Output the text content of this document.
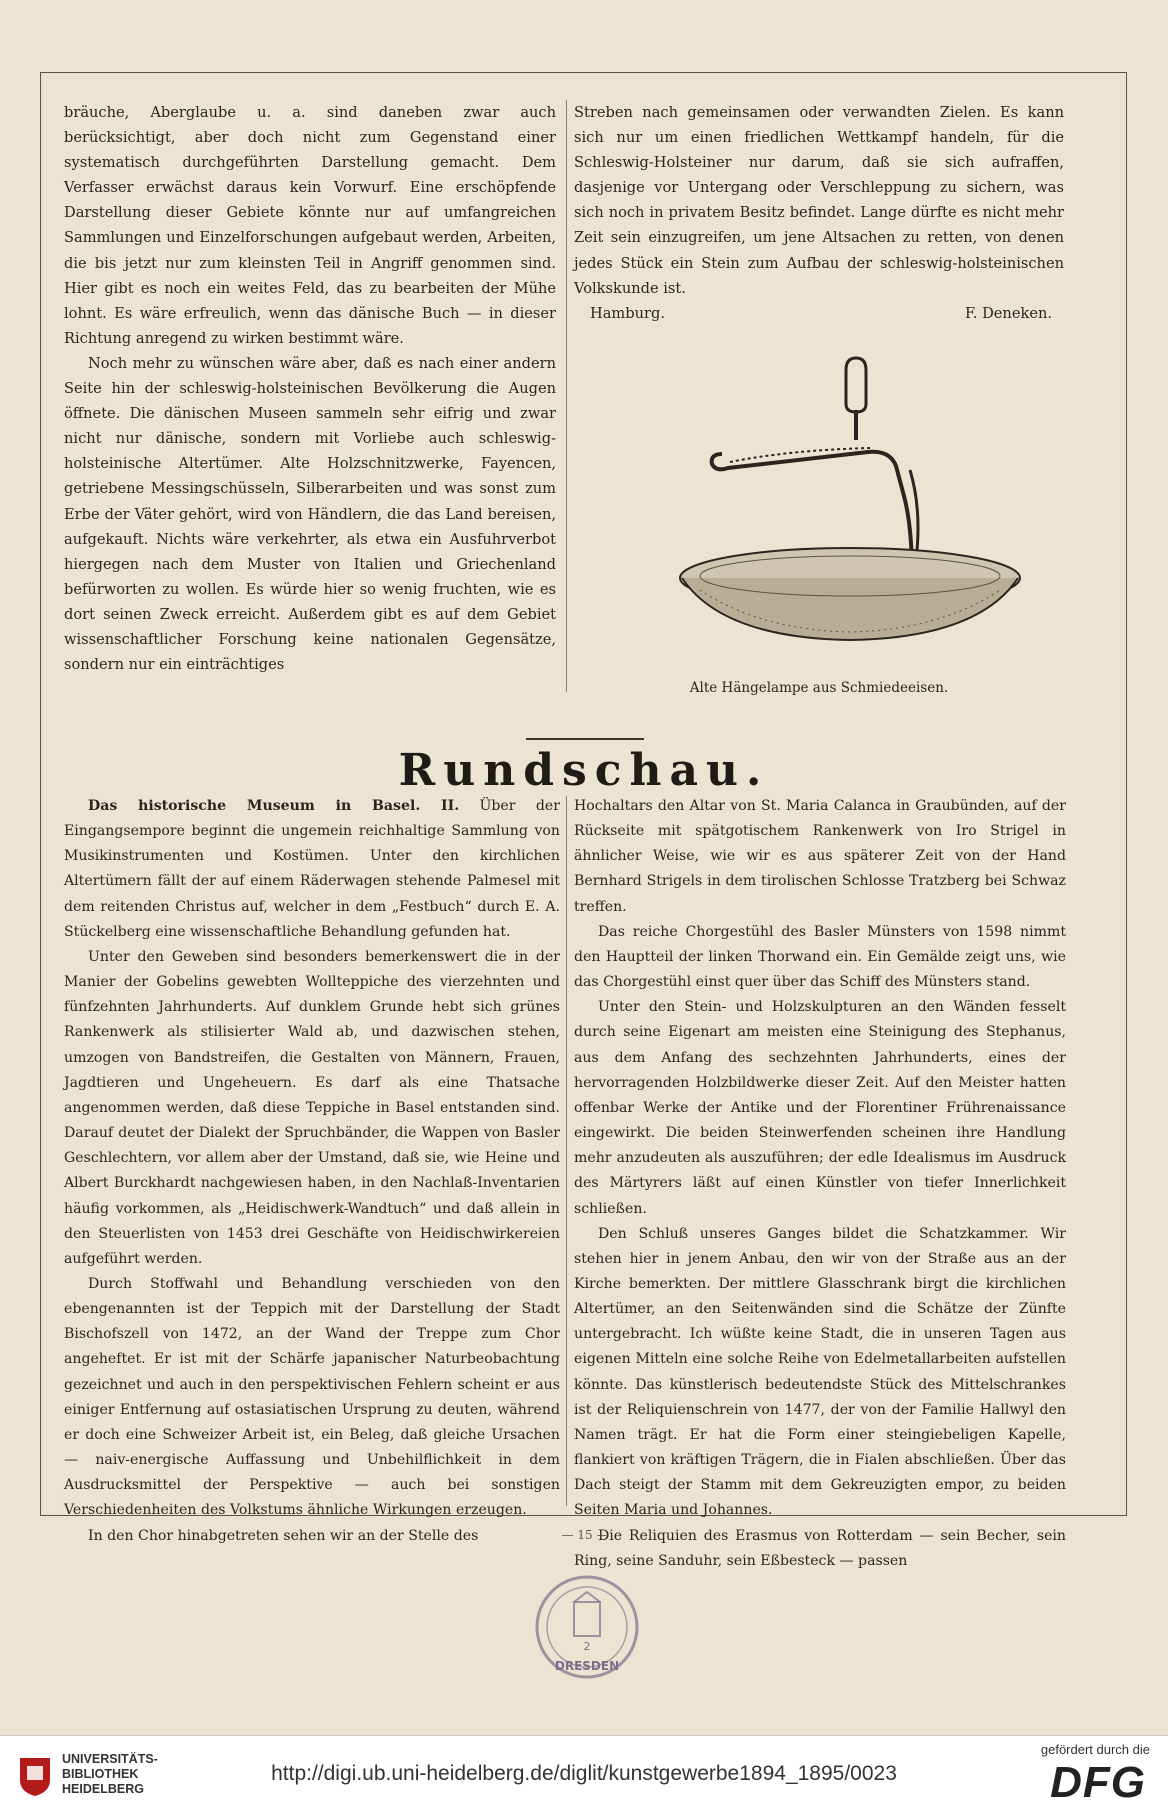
bräuche, Aberglaube u. a. sind daneben zwar auch berücksichtigt, aber doch nicht zum Gegenstand einer systematisch durchgeführten Darstellung gemacht. Dem Verfasser erwächst daraus kein Vorwurf. Eine erschöpfende Darstellung dieser Gebiete könnte nur auf umfangreichen Sammlungen und Einzelforschungen aufgebaut werden, Arbeiten, die bis jetzt nur zum kleinsten Teil in Angriff genommen sind. Hier gibt es noch ein weites Feld, das zu bearbeiten der Mühe lohnt. Es wäre erfreulich, wenn das dänische Buch — in dieser Richtung anregend zu wirken bestimmt wäre.

Noch mehr zu wünschen wäre aber, daß es nach einer andern Seite hin der schleswig-holsteinischen Bevölkerung die Augen öffnete. Die dänischen Museen sammeln sehr eifrig und zwar nicht nur dänische, sondern mit Vorliebe auch schleswig-holsteinische Altertümer. Alte Holzschnitzwerke, Fayencen, getriebene Messingschüsseln, Silberarbeiten und was sonst zum Erbe der Väter gehört, wird von Händlern, die das Land bereisen, aufgekauft. Nichts wäre verkehrter, als etwa ein Ausfuhrverbot hiergegen nach dem Muster von Italien und Griechenland befürworten zu wollen. Es würde hier so wenig fruchten, wie es dort seinen Zweck erreicht. Außerdem gibt es auf dem Gebiet wissenschaftlicher Forschung keine nationalen Gegensätze, sondern nur ein einträchtiges

Streben nach gemeinsamen oder verwandten Zielen. Es kann sich nur um einen friedlichen Wettkampf handeln, für die Schleswig-Holsteiner nur darum, daß sie sich aufraffen, dasjenige vor Untergang oder Verschleppung zu sichern, was sich noch in privatem Besitz befindet. Lange dürfte es nicht mehr Zeit sein einzugreifen, um jene Altsachen zu retten, von denen jedes Stück ein Stein zum Aufbau der schleswig-holsteinischen Volkskunde ist.

Hamburg.	F. Deneken.
Alte Hängelampe aus Schmiedeeisen.
Rundschau.

Das historische Museum in Basel. II. Über der Eingangsempore beginnt die ungemein reichhaltige Sammlung von Musikinstrumenten und Kostümen. Unter den kirchlichen Altertümern fällt der auf einem Räderwagen stehende Palmesel mit dem reitenden Christus auf, welcher in dem „Festbuch“ durch E. A. Stückelberg eine wissenschaftliche Behandlung gefunden hat.

Unter den Geweben sind besonders bemerkenswert die in der Manier der Gobelins gewebten Wollteppiche des vierzehnten und fünfzehnten Jahrhunderts. Auf dunklem Grunde hebt sich grünes Rankenwerk als stilisierter Wald ab, und dazwischen stehen, umzogen von Bandstreifen, die Gestalten von Männern, Frauen, Jagdtieren und Ungeheuern. Es darf als eine Thatsache angenommen werden, daß diese Teppiche in Basel entstanden sind. Darauf deutet der Dialekt der Spruchbänder, die Wappen von Basler Geschlechtern, vor allem aber der Umstand, daß sie, wie Heine und Albert Burckhardt nachgewiesen haben, in den Nachlaß-Inventarien häufig vorkommen, als „Heidischwerk-Wandtuch“ und daß allein in den Steuerlisten von 1453 drei Geschäfte von Heidischwirkereien aufgeführt werden.

Durch Stoffwahl und Behandlung verschieden von den ebengenannten ist der Teppich mit der Darstellung der Stadt Bischofszell von 1472, an der Wand der Treppe zum Chor angeheftet. Er ist mit der Schärfe japanischer Naturbeobachtung gezeichnet und auch in den perspektivischen Fehlern scheint er aus einiger Entfernung auf ostasiatischen Ursprung zu deuten, während er doch eine Schweizer Arbeit ist, ein Beleg, daß gleiche Ursachen — naiv-energische Auffassung und Unbehilflichkeit in dem Ausdrucksmittel der Perspektive — auch bei sonstigen Verschiedenheiten des Volkstums ähnliche Wirkungen erzeugen.

In den Chor hinabgetreten sehen wir an der Stelle des

Hochaltars den Altar von St. Maria Calanca in Graubünden, auf der Rückseite mit spätgotischem Rankenwerk von Iro Strigel in ähnlicher Weise, wie wir es aus späterer Zeit von der Hand Bernhard Strigels in dem tirolischen Schlosse Tratzberg bei Schwaz treffen.

Das reiche Chorgestühl des Basler Münsters von 1598 nimmt den Hauptteil der linken Thorwand ein. Ein Gemälde zeigt uns, wie das Chorgestühl einst quer über das Schiff des Münsters stand.

Unter den Stein- und Holzskulpturen an den Wänden fesselt durch seine Eigenart am meisten eine Steinigung des Stephanus, aus dem Anfang des sechzehnten Jahrhunderts, eines der hervorragenden Holzbildwerke dieser Zeit. Auf den Meister hatten offenbar Werke der Antike und der Florentiner Frührenaissance eingewirkt. Die beiden Steinwerfenden scheinen ihre Handlung mehr anzudeuten als auszuführen; der edle Idealismus im Ausdruck des Märtyrers läßt auf einen Künstler von tiefer Innerlichkeit schließen.

Den Schluß unseres Ganges bildet die Schatzkammer. Wir stehen hier in jenem Anbau, den wir von der Straße aus an der Kirche bemerkten. Der mittlere Glasschrank birgt die kirchlichen Altertümer, an den Seitenwänden sind die Schätze der Zünfte untergebracht. Ich wüßte keine Stadt, die in unseren Tagen aus eigenen Mitteln eine solche Reihe von Edelmetallarbeiten aufstellen könnte. Das künstlerisch bedeutendste Stück des Mittelschrankes ist der Reliquienschrein von 1477, der von der Familie Hallwyl den Namen trägt. Er hat die Form einer steingiebeligen Kapelle, flankiert von kräftigen Trägern, die in Fialen abschließen. Über das Dach steigt der Stamm mit dem Gekreuzigten empor, zu beiden Seiten Maria und Johannes.

Die Reliquien des Erasmus von Rotterdam — sein Becher, sein Ring, seine Sanduhr, sein Eßbesteck — passen

— 15 —
2
DRESDEN
UNIVERSITÄTS-
BIBLIOTHEK
HEIDELBERG
http://digi.ub.uni-heidelberg.de/diglit/kunstgewerbe1894_1895/0023
gefördert durch die
DFG
